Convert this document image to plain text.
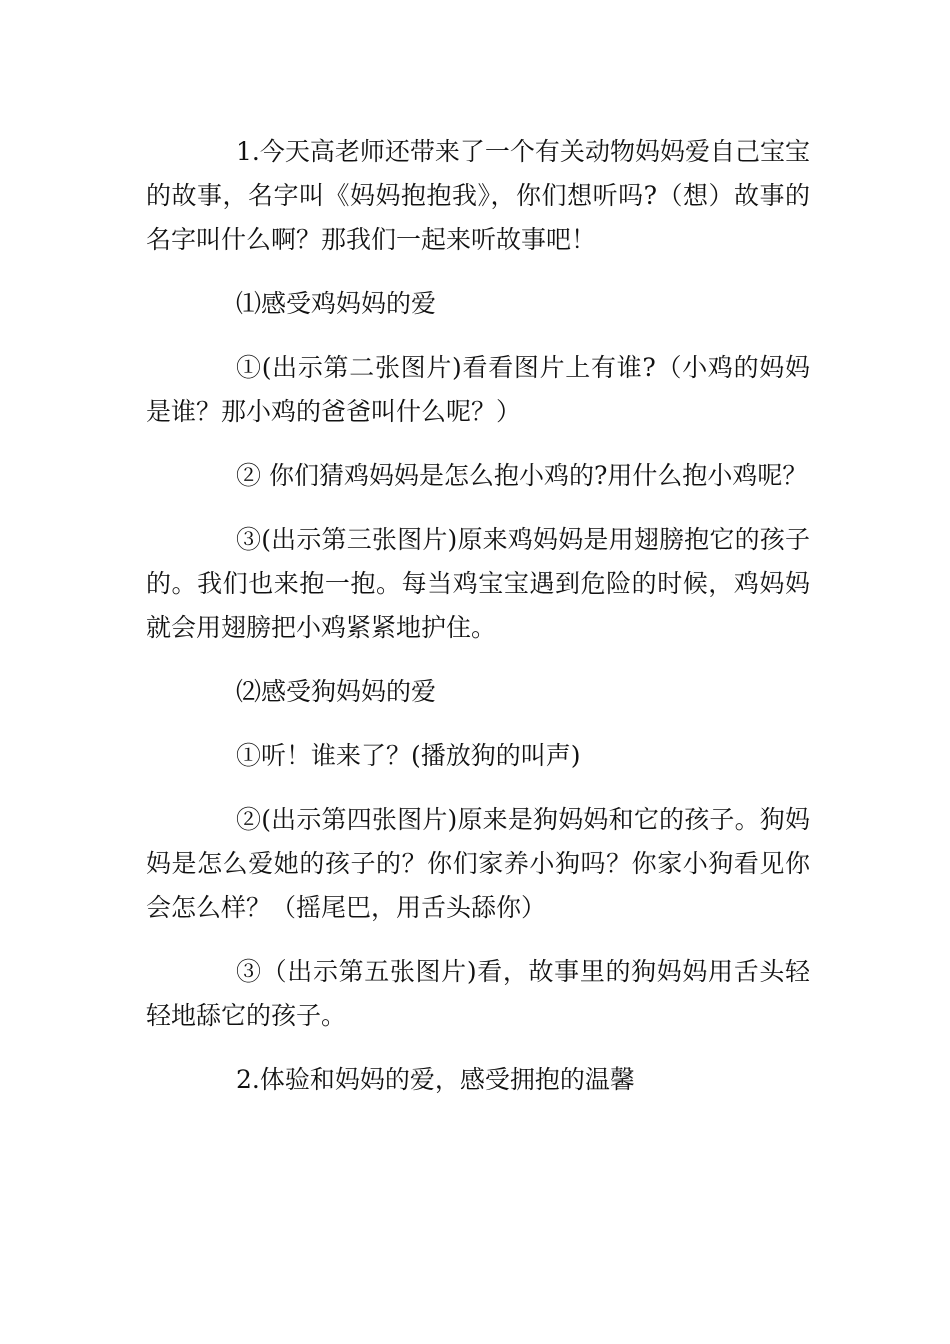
1.今天高老师还带来了一个有关动物妈妈爱自己宝宝的故事，名字叫《妈妈抱抱我》，你们想听吗?（想）故事的名字叫什么啊？那我们一起来听故事吧！

⑴感受鸡妈妈的爱

①(出示第二张图片)看看图片上有谁?（小鸡的妈妈是谁？那小鸡的爸爸叫什么呢？）

② 你们猜鸡妈妈是怎么抱小鸡的?用什么抱小鸡呢？

③(出示第三张图片)原来鸡妈妈是用翅膀抱它的孩子的。我们也来抱一抱。每当鸡宝宝遇到危险的时候，鸡妈妈就会用翅膀把小鸡紧紧地护住。

⑵感受狗妈妈的爱

①听！谁来了？(播放狗的叫声)

②(出示第四张图片)原来是狗妈妈和它的孩子。狗妈妈是怎么爱她的孩子的？你们家养小狗吗？你家小狗看见你会怎么样？（摇尾巴，用舌头舔你）

③（出示第五张图片)看，故事里的狗妈妈用舌头轻轻地舔它的孩子。

2.体验和妈妈的爱，感受拥抱的温馨
